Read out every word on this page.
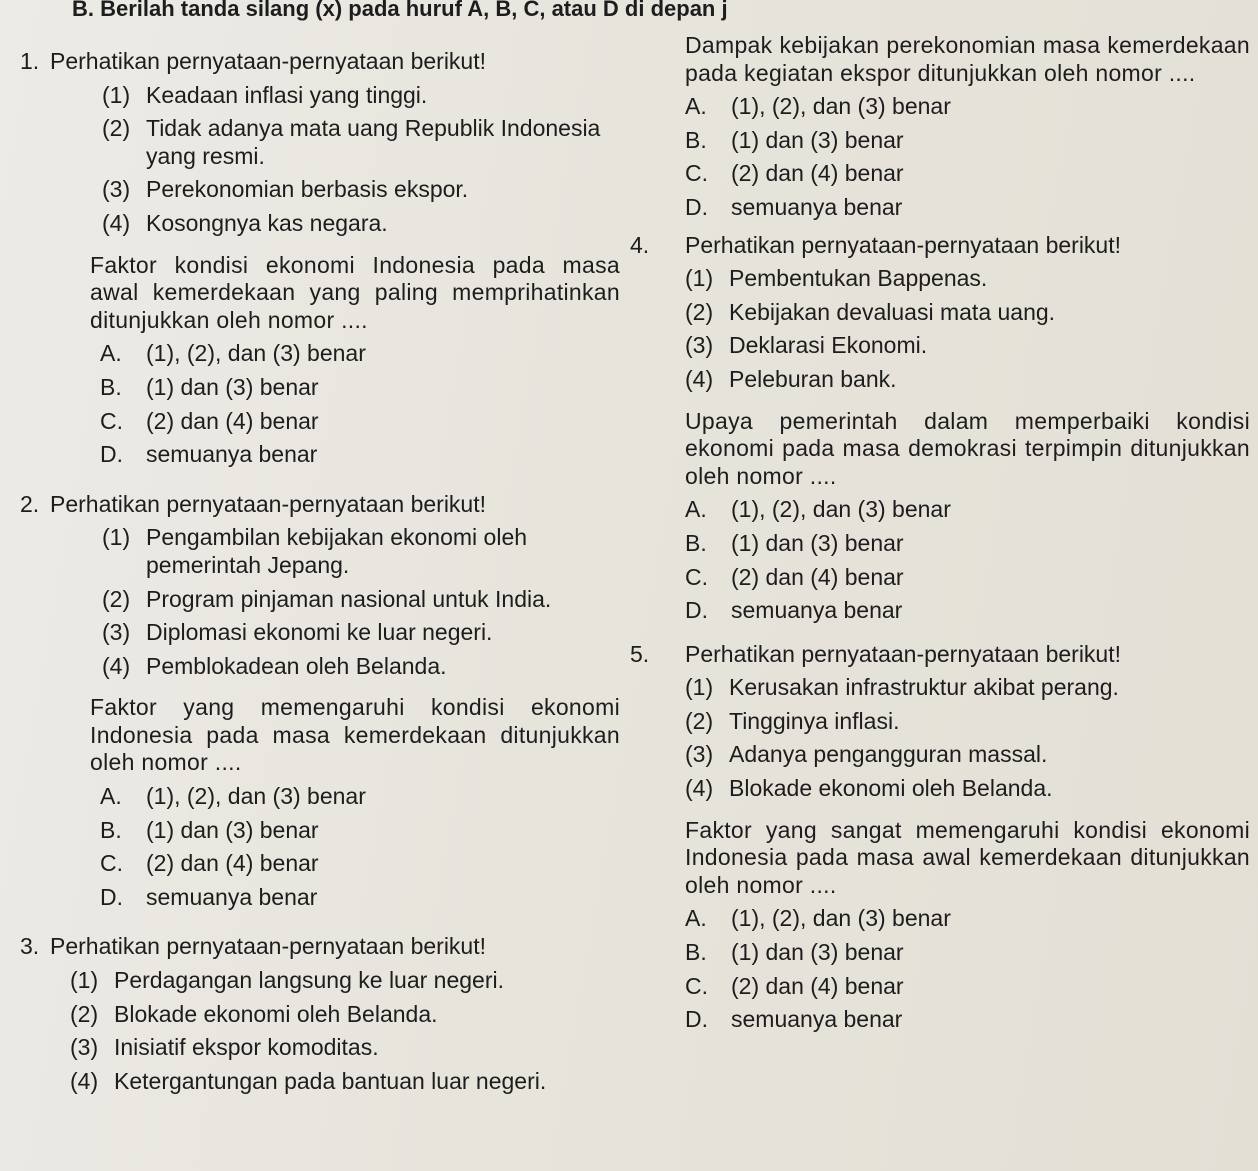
B. Berilah tanda silang (x) pada huruf A, B, C, atau D di depan j
1. Perhatikan pernyataan-pernyataan berikut!
(1) Keadaan inflasi yang tinggi.
(2) Tidak adanya mata uang Republik Indonesia yang resmi.
(3) Perekonomian berbasis ekspor.
(4) Kosongnya kas negara.
Faktor kondisi ekonomi Indonesia pada masa awal kemerdekaan yang paling memprihatinkan ditunjukkan oleh nomor ....
A.	(1), (2), dan (3) benar
B.	(1) dan (3) benar
C.	(2) dan (4) benar
D.	semuanya benar
2. Perhatikan pernyataan-pernyataan berikut!
(1) Pengambilan kebijakan ekonomi oleh pemerintah Jepang.
(2) Program pinjaman nasional untuk India.
(3) Diplomasi ekonomi ke luar negeri.
(4) Pemblokadean oleh Belanda.
Faktor yang memengaruhi kondisi ekonomi Indonesia pada masa kemerdekaan ditunjukkan oleh nomor ....
A.	(1), (2), dan (3) benar
B.	(1) dan (3) benar
C.	(2) dan (4) benar
D.	semuanya benar
3. Perhatikan pernyataan-pernyataan berikut!
(1) Perdagangan langsung ke luar negeri.
(2) Blokade ekonomi oleh Belanda.
(3) Inisiatif ekspor komoditas.
(4) Ketergantungan pada bantuan luar negeri.
Dampak kebijakan perekonomian masa kemerdekaan pada kegiatan ekspor ditunjukkan oleh nomor ....
A.	(1), (2), dan (3) benar
B.	(1) dan (3) benar
C.	(2) dan (4) benar
D.	semuanya benar
4.	Perhatikan pernyataan-pernyataan berikut!
(1) Pembentukan Bappenas.
(2) Kebijakan devaluasi mata uang.
(3) Deklarasi Ekonomi.
(4) Peleburan bank.
Upaya pemerintah dalam memperbaiki kondisi ekonomi pada masa demokrasi terpimpin ditunjukkan oleh nomor ....
A.	(1), (2), dan (3) benar
B.	(1) dan (3) benar
C.	(2) dan (4) benar
D.	semuanya benar
5.	Perhatikan pernyataan-pernyataan berikut!
(1) Kerusakan infrastruktur akibat perang.
(2) Tingginya inflasi.
(3) Adanya pengangguran massal.
(4) Blokade ekonomi oleh Belanda.
Faktor yang sangat memengaruhi kondisi ekonomi Indonesia pada masa awal kemerdekaan ditunjukkan oleh nomor ....
A.	(1), (2), dan (3) benar
B.	(1) dan (3) benar
C.	(2) dan (4) benar
D.	semuanya benar
